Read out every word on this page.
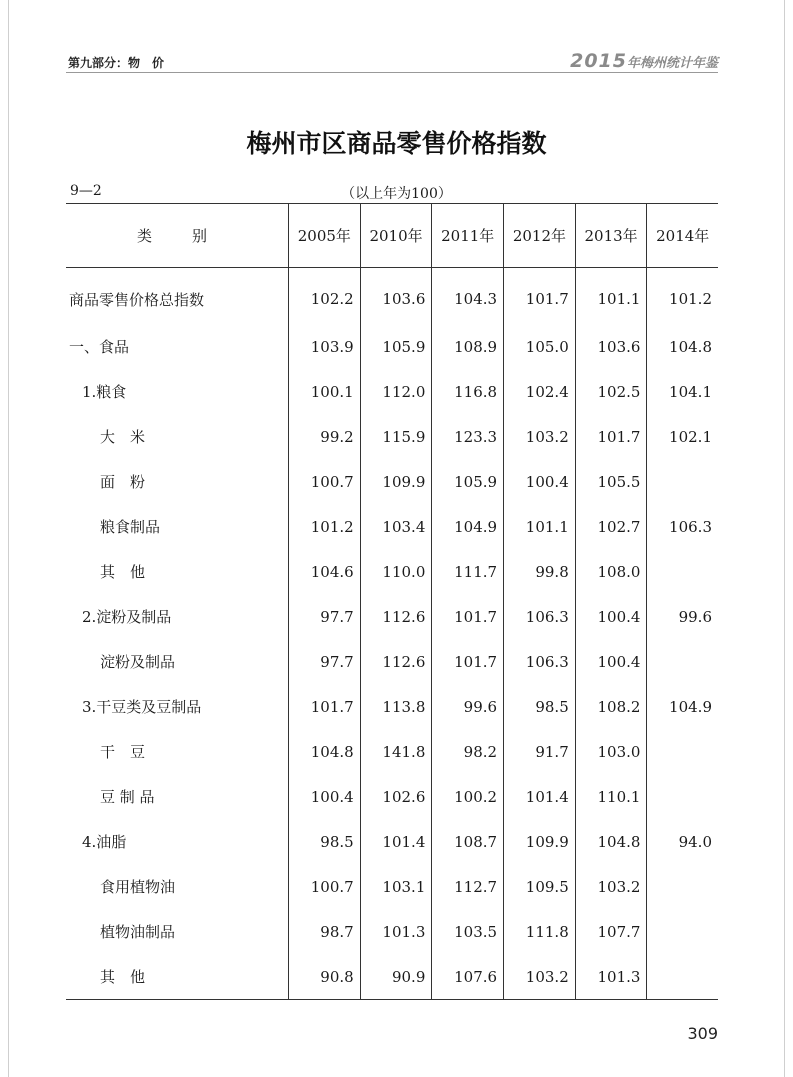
第九部分：物　价	2015年梅州统计年鉴
梅州市区商品零售价格指数
9—2	（以上年为100）
类别	2005年	2010年	2011年	2012年	2013年	2014年
商品零售价格总指数	102.2	103.6	104.3	101.7	101.1	101.2
一、食品	103.9	105.9	108.9	105.0	103.6	104.8
1.粮食	100.1	112.0	116.8	102.4	102.5	104.1
大　米	99.2	115.9	123.3	103.2	101.7	102.1
面　粉	100.7	109.9	105.9	100.4	105.5	
粮食制品	101.2	103.4	104.9	101.1	102.7	106.3
其　他	104.6	110.0	111.7	99.8	108.0	
2.淀粉及制品	97.7	112.6	101.7	106.3	100.4	99.6
淀粉及制品	97.7	112.6	101.7	106.3	100.4	
3.干豆类及豆制品	101.7	113.8	99.6	98.5	108.2	104.9
干　豆	104.8	141.8	98.2	91.7	103.0	
豆 制 品	100.4	102.6	100.2	101.4	110.1	
4.油脂	98.5	101.4	108.7	109.9	104.8	94.0
食用植物油	100.7	103.1	112.7	109.5	103.2	
植物油制品	98.7	101.3	103.5	111.8	107.7	
其　他	90.8	90.9	107.6	103.2	101.3	
309
